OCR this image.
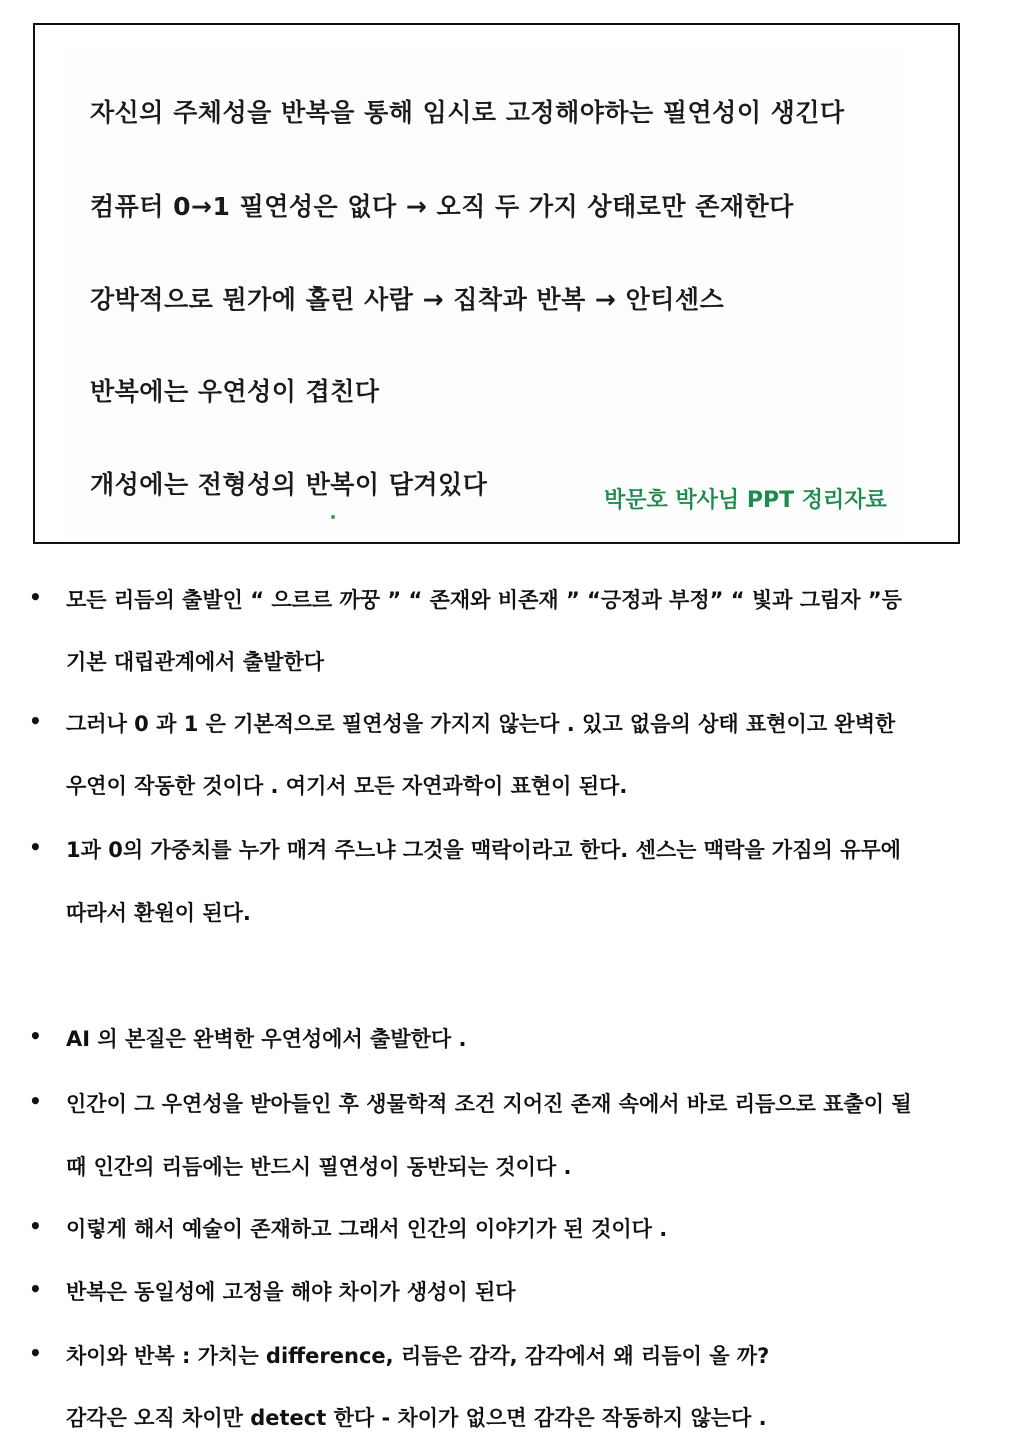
자신의 주체성을 반복을 통해 임시로 고정해야하는 필연성이 생긴다
컴퓨터 0→1 필연성은 없다 → 오직 두 가지 상태로만 존재한다
강박적으로 뭔가에 홀린 사람 → 집착과 반복 → 안티센스
반복에는 우연성이 겹친다
개성에는 전형성의 반복이 담겨있다
박문호 박사님 PPT 정리자료
• 모든 리듬의 출발인 “ 으르르 까꿍 ” “ 존재와 비존재 ” “긍정과 부정” “ 빛과 그림자 ”등
기본 대립관계에서 출발한다
• 그러나 0 과 1 은 기본적으로 필연성을 가지지 않는다 . 있고 없음의 상태 표현이고 완벽한
우연이 작동한 것이다 . 여기서 모든 자연과학이 표현이 된다.
• 1과 0의 가중치를 누가 매겨 주느냐 그것을 맥락이라고 한다. 센스는 맥락을 가짐의 유무에
따라서 환원이 된다.
• AI 의 본질은 완벽한 우연성에서 출발한다 .
• 인간이 그 우연성을 받아들인 후 생물학적 조건 지어진 존재 속에서 바로 리듬으로 표출이 될
때 인간의 리듬에는 반드시 필연성이 동반되는 것이다 .
• 이렇게 해서 예술이 존재하고 그래서 인간의 이야기가 된 것이다 .
• 반복은 동일성에 고정을 해야 차이가 생성이 된다
• 차이와 반복 : 가치는 difference, 리듬은 감각, 감각에서 왜 리듬이 올 까?
감각은 오직 차이만 detect 한다 - 차이가 없으면 감각은 작동하지 않는다 .
